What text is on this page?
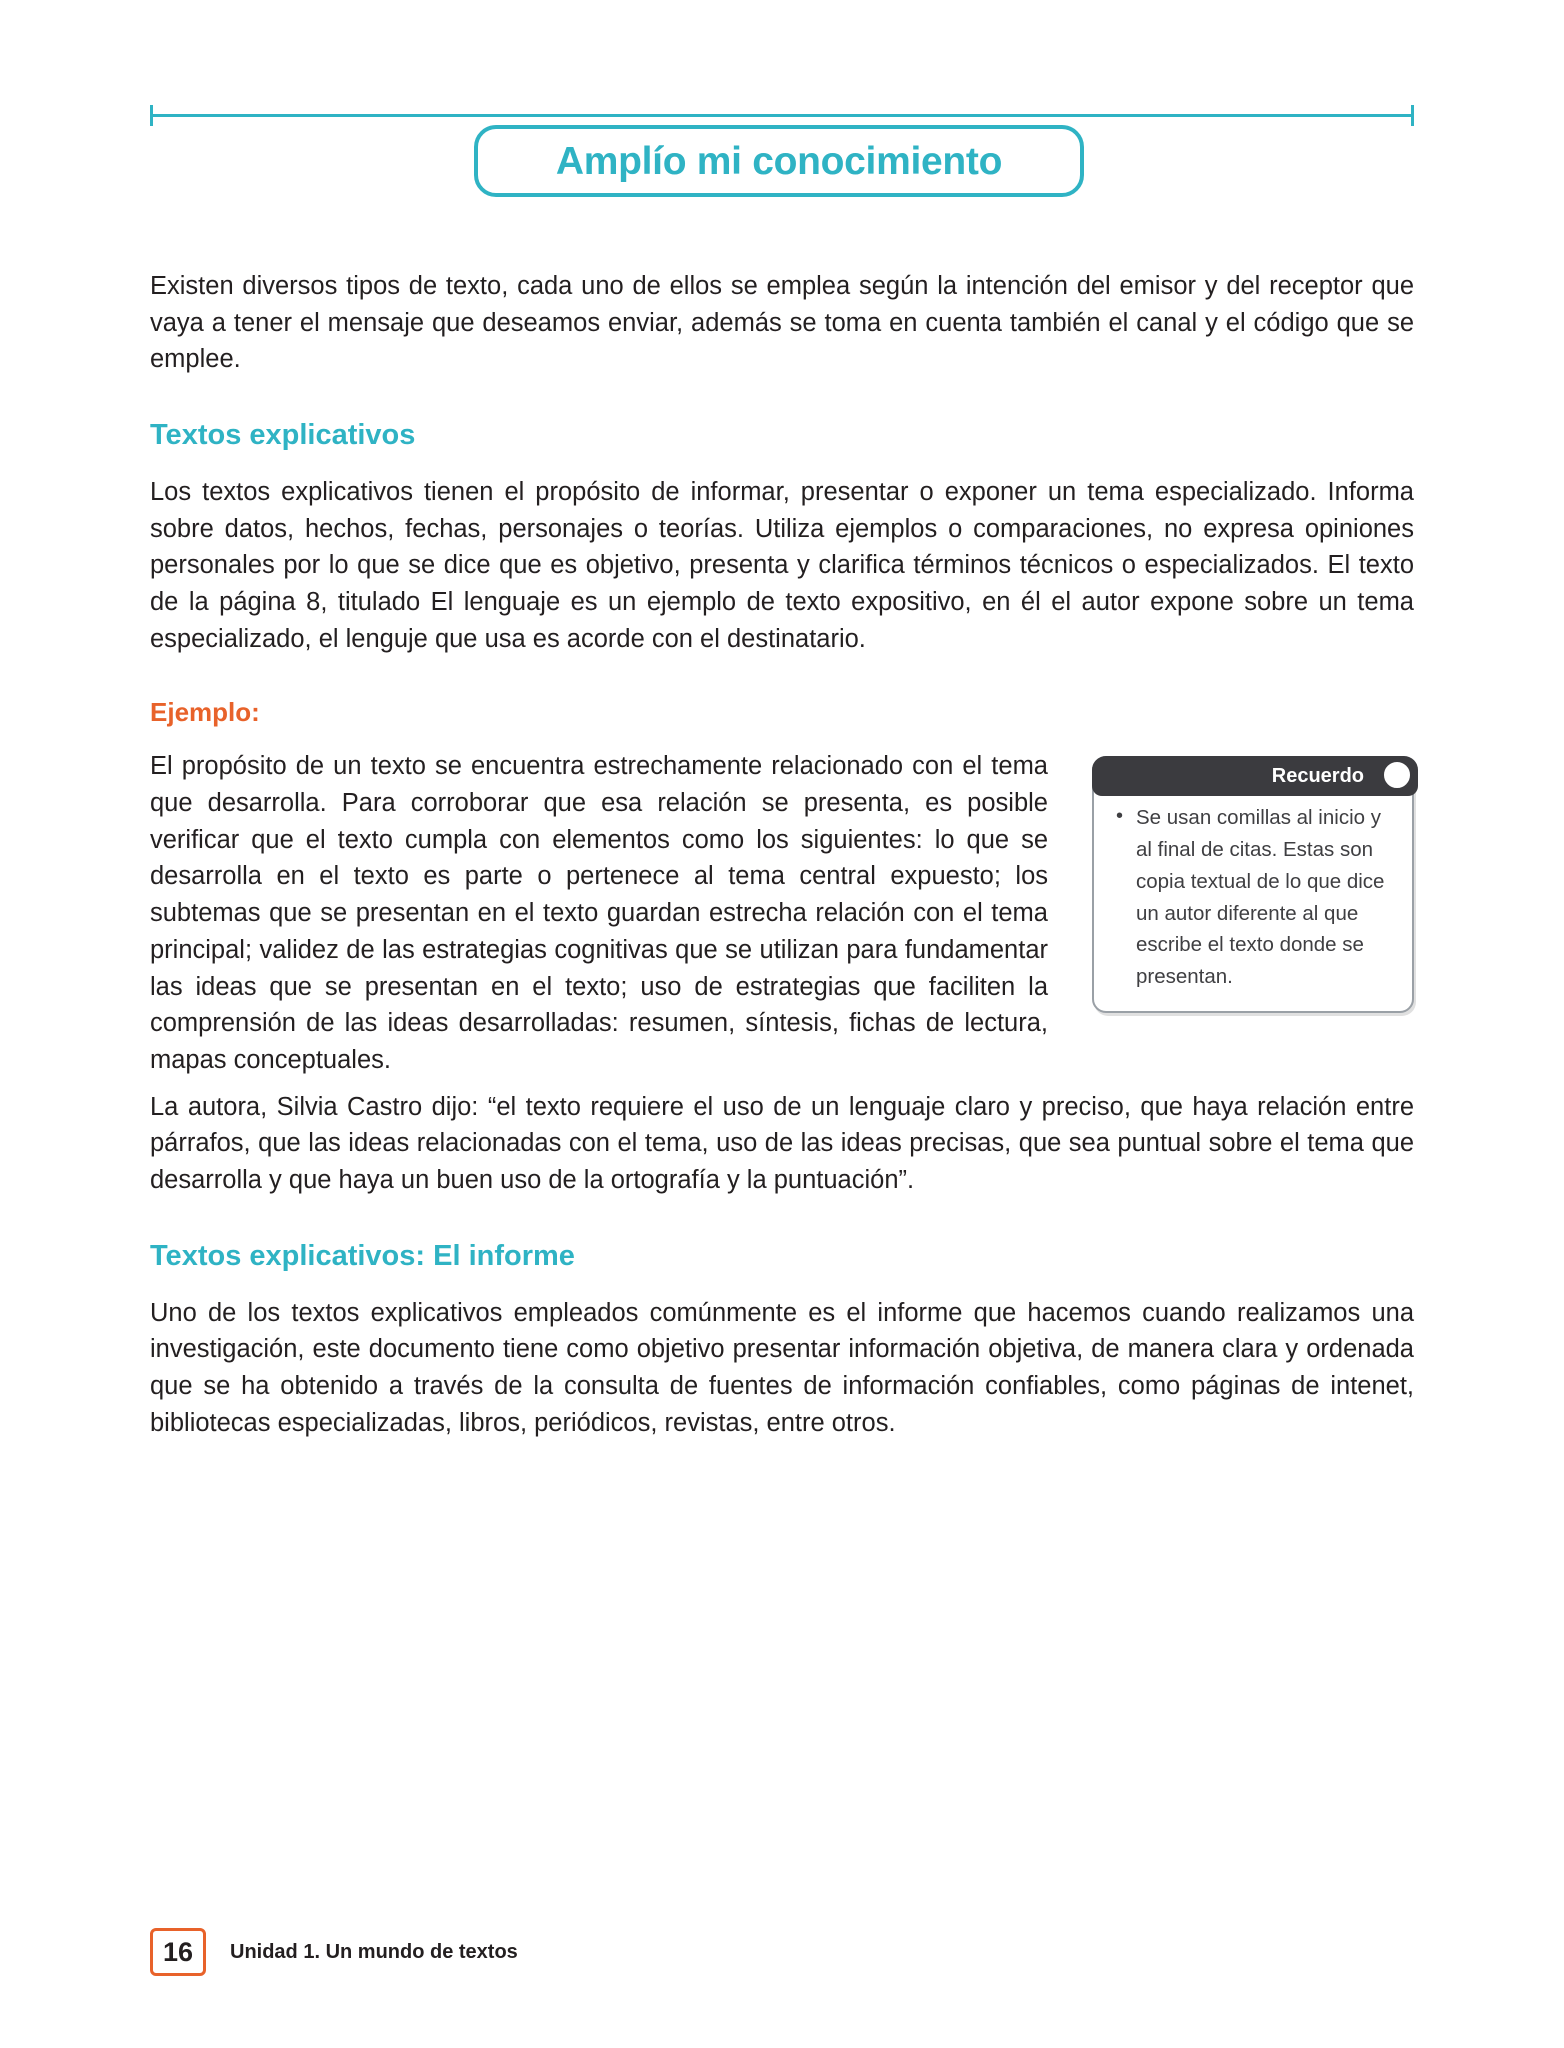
Amplío mi conocimiento

Existen diversos tipos de texto, cada uno de ellos se emplea según la intención del emisor y del receptor que vaya a tener el mensaje que deseamos enviar, además se toma en cuenta también el canal y el código que se emplee.

Textos explicativos

Los textos explicativos tienen el propósito de informar, presentar o exponer un tema especializado. Informa sobre datos, hechos, fechas, personajes o teorías. Utiliza ejemplos o comparaciones, no expresa opiniones personales por lo que se dice que es objetivo, presenta y clarifica términos técnicos o especializados. El texto de la página 8, titulado El lenguaje es un ejemplo de texto expositivo, en él el autor expone sobre un tema especializado, el lenguje que usa es acorde con el destinatario.

Ejemplo:
Recuerdo
• Se usan comillas al inicio y al final de citas. Estas son copia textual de lo que dice un autor diferente al que escribe el texto donde se presentan.

El propósito de un texto se encuentra estrechamente relacionado con el tema que desarrolla. Para corroborar que esa relación se presenta, es posible verificar que el texto cumpla con elementos como los siguientes: lo que se desarrolla en el texto es parte o pertenece al tema central expuesto; los subtemas que se presentan en el texto guardan estrecha relación con el tema principal; validez de las estrategias cognitivas que se utilizan para fundamentar las ideas que se presentan en el texto; uso de estrategias que faciliten la comprensión de las ideas desarrolladas: resumen, síntesis, fichas de lectura, mapas conceptuales.

La autora, Silvia Castro dijo: “el texto requiere el uso de un lenguaje claro y preciso, que haya relación entre párrafos, que las ideas relacionadas con el tema, uso de las ideas precisas, que sea puntual sobre el tema que desarrolla y que haya un buen uso de la ortografía y la puntuación”.

Textos explicativos: El informe

Uno de los textos explicativos empleados comúnmente es el informe que hacemos cuando realizamos una investigación, este documento tiene como objetivo presentar información objetiva, de manera clara y ordenada que se ha obtenido a través de la consulta de fuentes de información confiables, como páginas de intenet, bibliotecas especializadas, libros, periódicos, revistas, entre otros.

16 Unidad 1. Un mundo de textos
